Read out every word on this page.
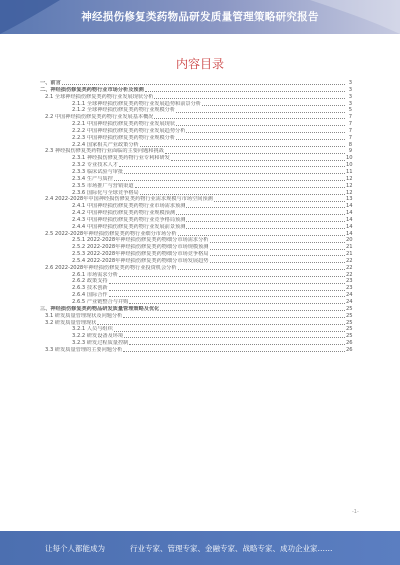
神经损伤修复类药物品研发质量管理策略研究报告
内容目录
一、前言	3
二、神经损伤修复类药物行业市场分析及预测	3
2.1 全球神经损伤修复类药物行业发展现状分析	3
2.1.1 全球神经损伤修复类药物行业发展趋势和前景分析	3
2.1.2 全球神经损伤修复类药物行业规模分析	5
2.2 中国神经损伤修复类药物行业发展基本概况	7
2.2.1 中国神经损伤修复类药物行业发展现状	7
2.2.2 中国神经损伤修复类药物行业发展趋势分析	7
2.2.3 中国神经损伤修复类药物行业规模分析	7
2.2.4 国家相关产业政策分析	8
2.3 神经损伤修复类药物行业面临的主要问题和挑战	9
2.3.1 神经损伤修复类药物行业专利和研发	10
2.3.2 专业技术人才	10
2.3.3 临床试验与审批	11
2.3.4 生产与质控	12
2.3.5 市场推广与营销渠道	12
2.3.6 国际化与全球竞争格局	12
2.4 2022-2028年中国神经损伤修复类药物行业需求规模与市场空间预测	13
2.4.1 中国神经损伤修复类药物行业市场需求预测	14
2.4.2 中国神经损伤修复类药物行业规模预测	14
2.4.3 中国神经损伤修复类药物行业竞争格局预测	14
2.4.4 中国神经损伤修复类药物行业发展前景预测	14
2.5 2022-2028年神经损伤修复类药物行业细分市场分析	14
2.5.1 2022-2028年神经损伤修复类药物细分市场需求分析	20
2.5.2 2022-2028年神经损伤修复类药物细分市场规模预测	21
2.5.3 2022-2028年神经损伤修复类药物细分市场竞争格局	21
2.5.4 2022-2028年神经损伤修复类药物细分市场发展趋势	22
2.6 2022-2028年神经损伤修复类药物行业投资机会分析	22
2.6.1 市场需求分析	22
2.6.2 政策支持	23
2.6.3 技术创新	23
2.6.4 国际合作	24
2.6.5 产业链整合与并购	24
三、神经损伤修复类药物品研发质量管理策略及优化	25
3.1 研发质量管理现状及问题分析	25
3.2 研发质量管理现状	25
3.2.1 人员与组织	25
3.2.2 研发设备及环境	25
3.2.3 研发过程质量控制	26
3.3 研发质量管理的主要问题分析	26
-1-
让每个人都能成为	行业专家、管理专家、金融专家、战略专家、成功企业家……
